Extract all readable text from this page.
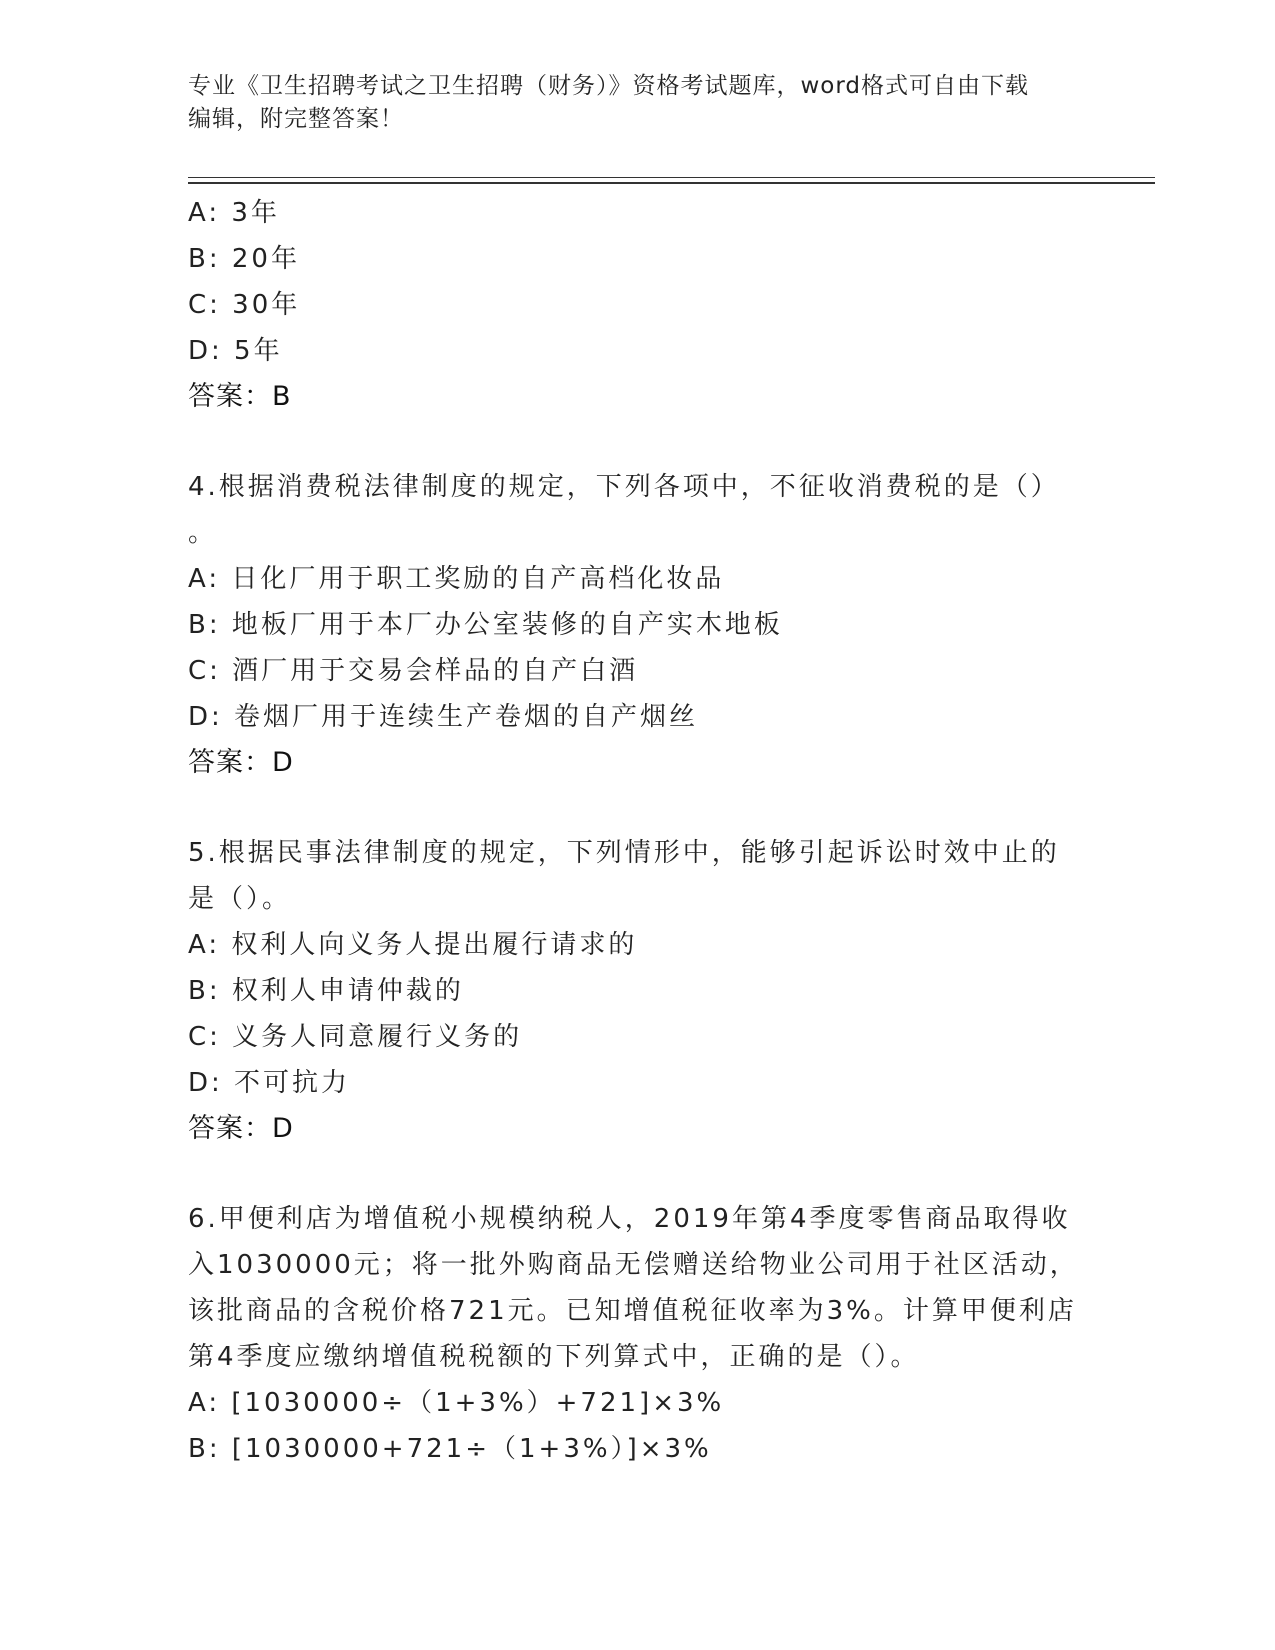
专业《卫生招聘考试之卫生招聘（财务）》资格考试题库，word格式可自由下载
编辑，附完整答案！
A: 3年
B: 20年
C: 30年
D: 5年
答案：B
4.根据消费税法律制度的规定，下列各项中，不征收消费税的是（）
。
A: 日化厂用于职工奖励的自产高档化妆品
B: 地板厂用于本厂办公室装修的自产实木地板
C: 酒厂用于交易会样品的自产白酒
D: 卷烟厂用于连续生产卷烟的自产烟丝
答案：D
5.根据民事法律制度的规定，下列情形中，能够引起诉讼时效中止的
是（）。
A: 权利人向义务人提出履行请求的
B: 权利人申请仲裁的
C: 义务人同意履行义务的
D: 不可抗力
答案：D
6.甲便利店为增值税小规模纳税人，2019年第4季度零售商品取得收
入1030000元；将一批外购商品无偿赠送给物业公司用于社区活动，
该批商品的含税价格721元。已知增值税征收率为3%。计算甲便利店
第4季度应缴纳增值税税额的下列算式中，正确的是（）。
A: [1030000÷（1+3%）+721]×3%
B: [1030000+721÷（1+3%）]×3%
